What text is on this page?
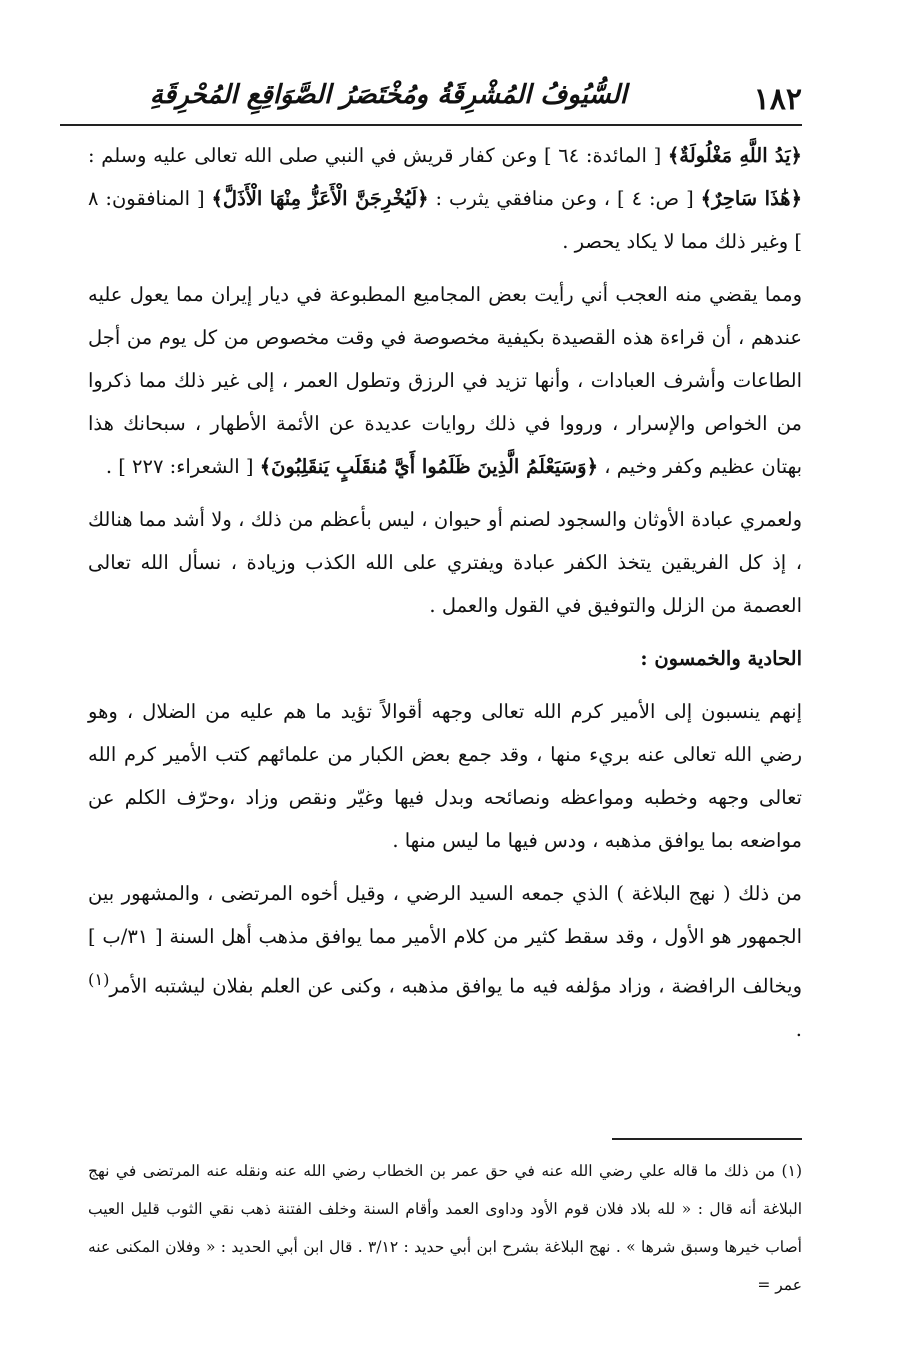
١٨٢
السُّيُوفُ المُشْرِقَةُ ومُخْتَصَرُ الصَّوَاقِعِ المُحْرِقَةِ

﴿يَدُ اللَّهِ مَغْلُولَةٌ﴾ [ المائدة: ٦٤ ] وعن كفار قريش في النبي صلى الله تعالى عليه وسلم : ﴿هَٰذَا سَاحِرٌ﴾ [ ص: ٤ ] ، وعن منافقي يثرب : ﴿لَيُخْرِجَنَّ الْأَعَزُّ مِنْهَا الْأَذَلَّ﴾ [ المنافقون: ٨ ] وغير ذلك مما لا يكاد يحصر .

ومما يقضي منه العجب أني رأيت بعض المجاميع المطبوعة في ديار إيران مما يعول عليه عندهم ، أن قراءة هذه القصيدة بكيفية مخصوصة في وقت مخصوص من كل يوم من أجل الطاعات وأشرف العبادات ، وأنها تزيد في الرزق وتطول العمر ، إلى غير ذلك مما ذكروا من الخواص والإسرار ، ورووا في ذلك روايات عديدة عن الأئمة الأطهار ، سبحانك هذا بهتان عظيم وكفر وخيم ، ﴿وَسَيَعْلَمُ الَّذِينَ ظَلَمُوا أَيَّ مُنقَلَبٍ يَنقَلِبُونَ﴾ [ الشعراء: ٢٢٧ ] .

ولعمري عبادة الأوثان والسجود لصنم أو حيوان ، ليس بأعظم من ذلك ، ولا أشد مما هنالك ، إذ كل الفريقين يتخذ الكفر عبادة ويفتري على الله الكذب وزيادة ، نسأل الله تعالى العصمة من الزلل والتوفيق في القول والعمل .

الحادية والخمسون :

إنهم ينسبون إلى الأمير كرم الله تعالى وجهه أقوالاً تؤيد ما هم عليه من الضلال ، وهو رضي الله تعالى عنه بريء منها ، وقد جمع بعض الكبار من علمائهم كتب الأمير كرم الله تعالى وجهه وخطبه ومواعظه ونصائحه وبدل فيها وغيّر ونقص وزاد ،وحرّف الكلم عن مواضعه بما يوافق مذهبه ، ودس فيها ما ليس منها .

من ذلك ( نهج البلاغة ) الذي جمعه السيد الرضي ، وقيل أخوه المرتضى ، والمشهور بين الجمهور هو الأول ، وقد سقط كثير من كلام الأمير مما يوافق مذهب أهل السنة [ ٣١/ب ] ويخالف الرافضة ، وزاد مؤلفه فيه ما يوافق مذهبه ، وكنى عن العلم بفلان ليشتبه الأمر$^{(١)}$ .

(١) من ذلك ما قاله علي رضي الله عنه في حق عمر بن الخطاب رضي الله عنه ونقله عنه المرتضى في نهج البلاغة أنه قال : « لله بلاد فلان قوم الأود وداوى العمد وأقام السنة وخلف الفتنة ذهب نقي الثوب قليل العيب أصاب خيرها وسبق شرها » . نهج البلاغة بشرح ابن أبي حديد : ٣/١٢ . قال ابن أبي الحديد : « وفلان المكنى عنه عمر =
